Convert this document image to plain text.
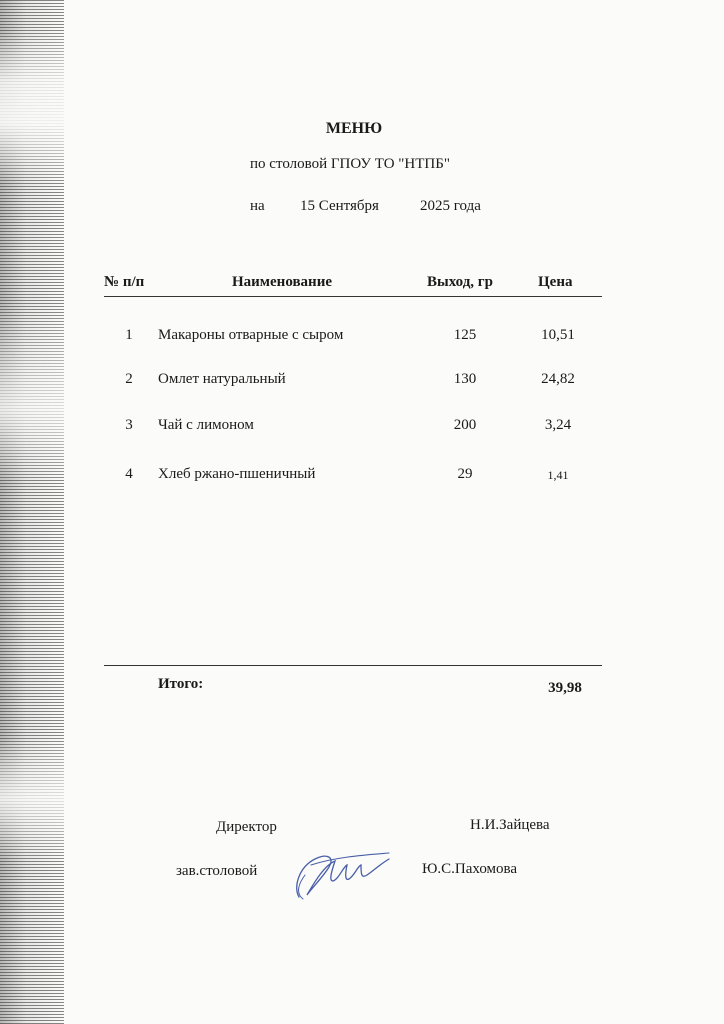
МЕНЮ
по столовой ГПОУ ТО "НТПБ"
на 15 Сентября	2025 года
№ п/п	Наименование	Выход, гр	Цена
1	Макароны отварные с сыром	125	10,51
2	Омлет натуральный	130	24,82
3	Чай с лимоном	200	3,24
4	Хлеб ржано-пшеничный	29	1,41
Итого:	39,98
Директор	Н.И.Зайцева
зав.столовой	Ю.С.Пахомова
